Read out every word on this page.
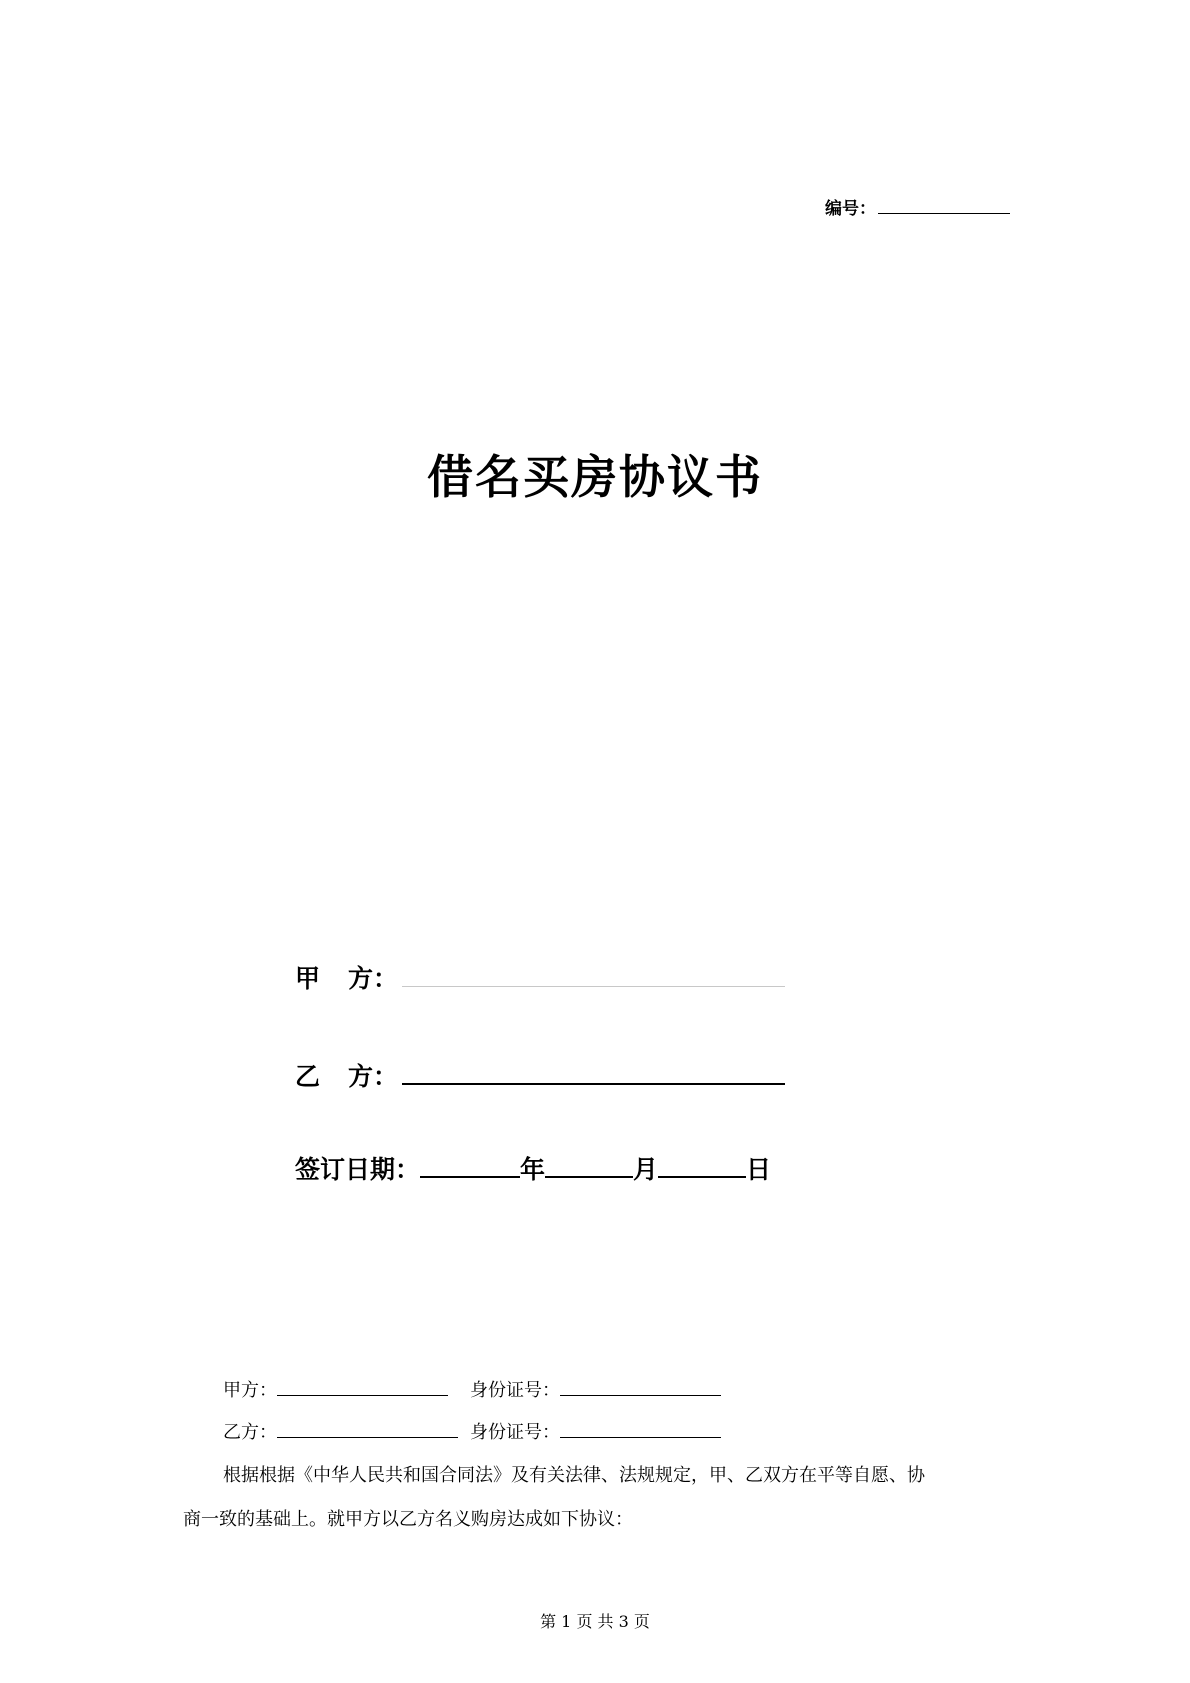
编号：
借名买房协议书
甲 方：
乙 方：
签订日期：	年	月	日
甲方：	身份证号：
乙方：	身份证号：
根据根据《中华人民共和国合同法》及有关法律、法规规定，甲、乙双方在平等自愿、协
商一致的基础上。就甲方以乙方名义购房达成如下协议：
第 1 页 共 3 页
